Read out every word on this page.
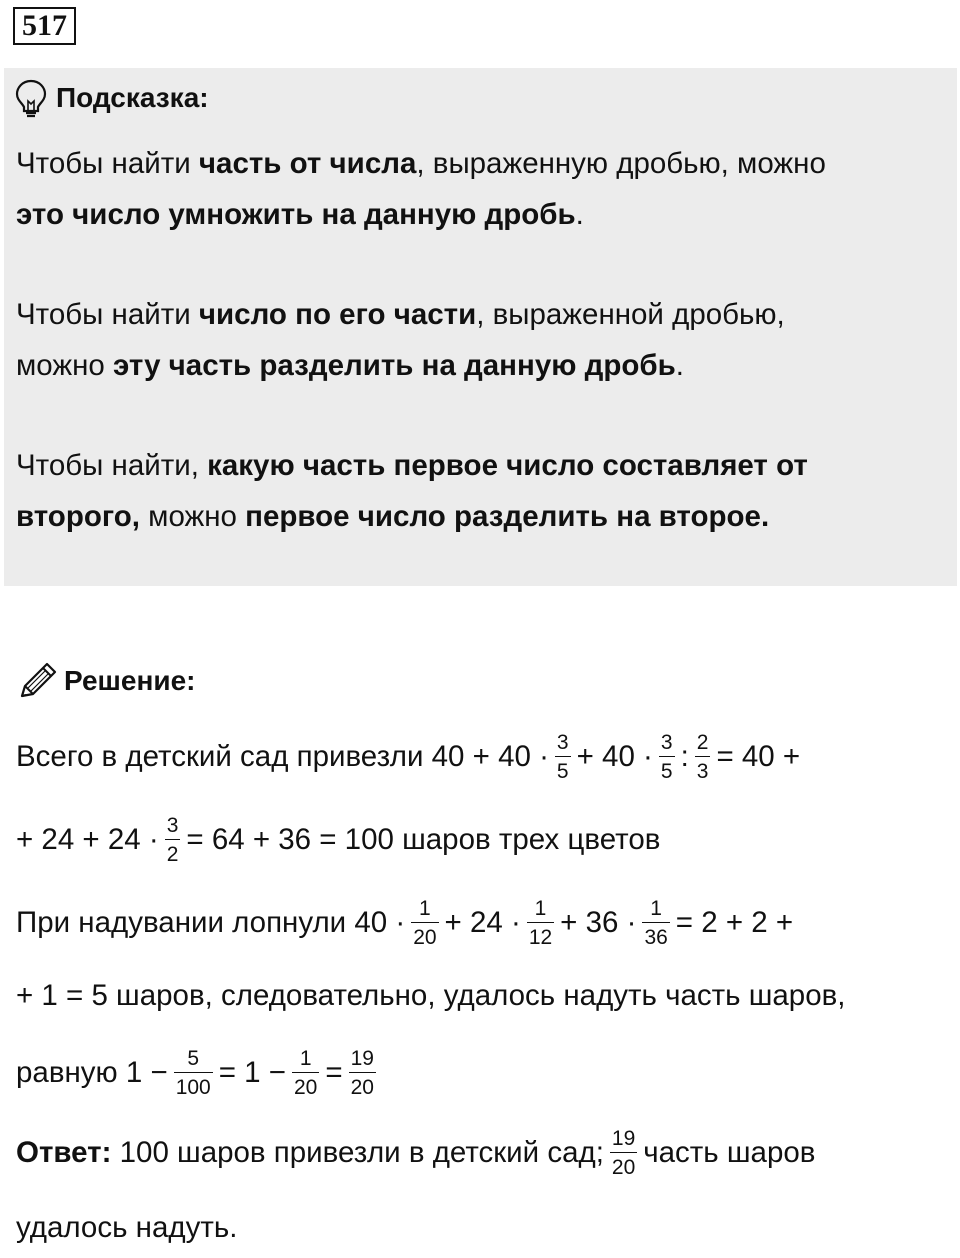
517
Подсказка:
Чтобы найти часть от числа, выраженную дробью, можно
это число умножить на данную дробь.
Чтобы найти число по его части, выраженной дробью,
можно эту часть разделить на данную дробь.
Чтобы найти, какую часть первое число составляет от
второго, можно первое число разделить на второе.
Решение:
Всего в детский сад привезли $40 + 40 \cdot \frac{3}{5} + 40 \cdot \frac{3}{5}$ : $\frac{2}{3} = 40$ +
+ $24 + 24 \cdot \frac{3}{2} = 64 + 36 = 100$ шаров трех цветов
При надувании лопнули $40 \cdot \frac{1}{20} + 24 \cdot \frac{1}{12} + 36 \cdot \frac{1}{36} = 2 + 2$ +
+ 1 = 5 шаров, следовательно, удалось надуть часть шаров,
равную $1 - \frac{5}{100} = 1 - \frac{1}{20} = \frac{19}{20}$
Ответ: 100 шаров привезли в детский сад; $\frac{19}{20}$ часть шаров
удалось надуть.
